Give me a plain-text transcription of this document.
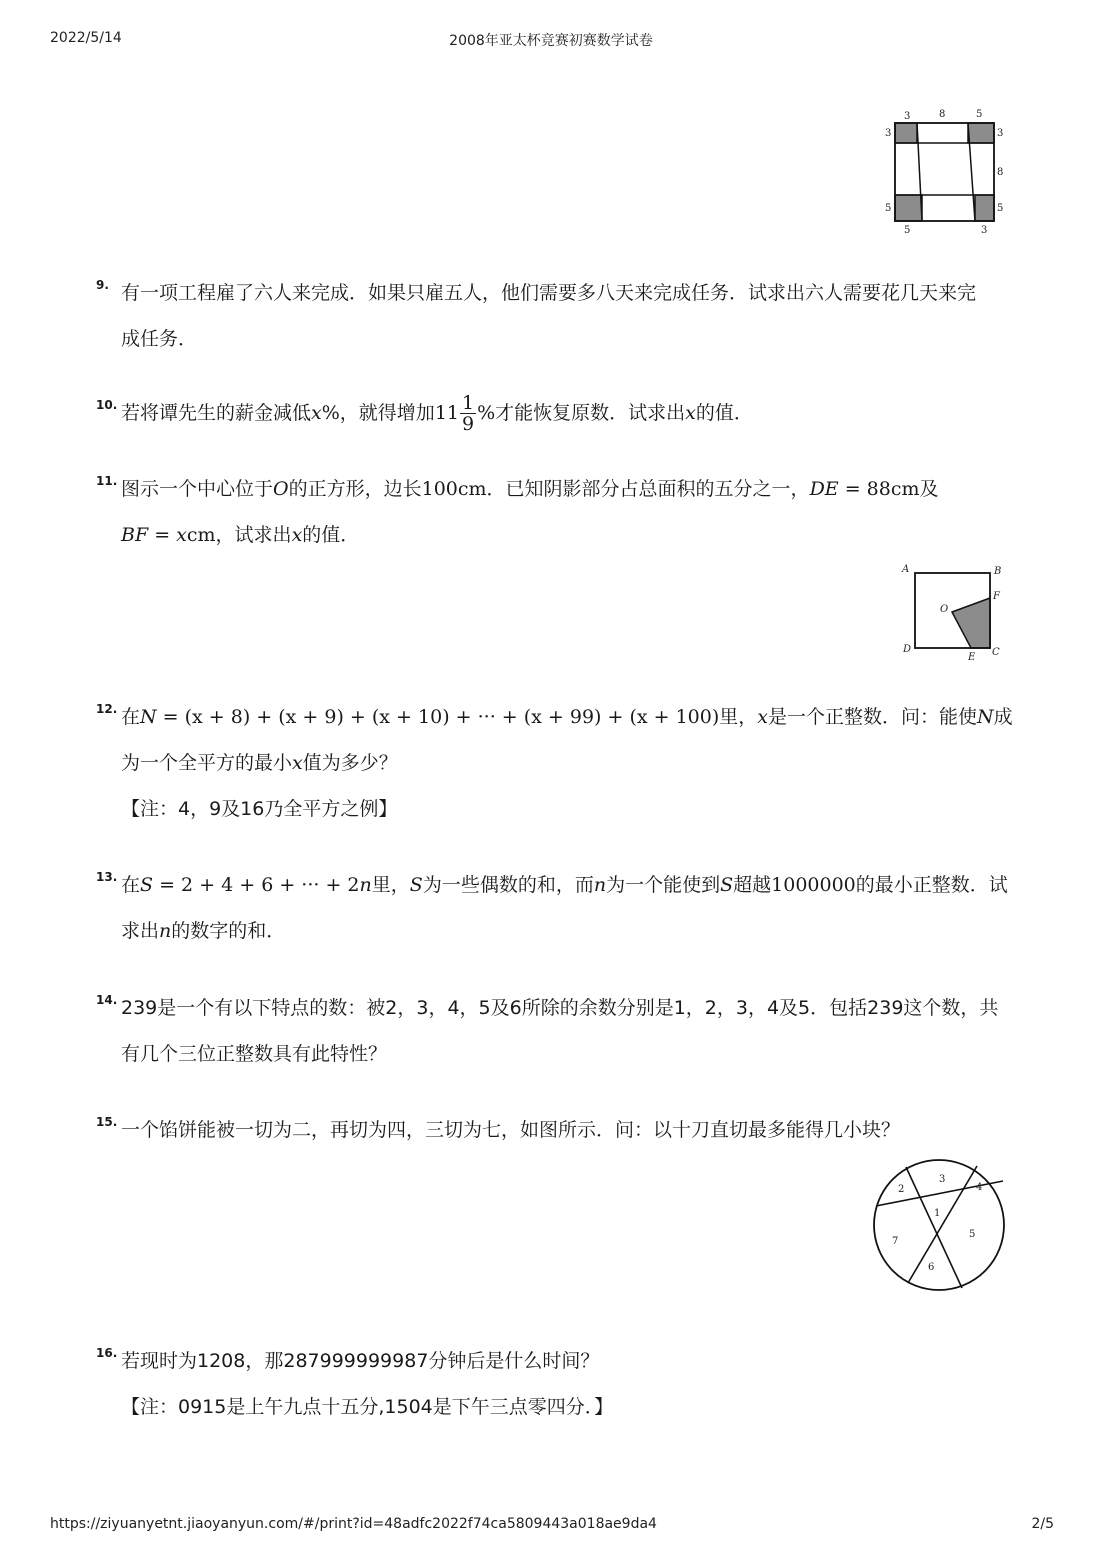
2022/5/14	2008年亚太杯竞赛初赛数学试卷
3	8	5
3	3
8
5	5
5	3
9. 有一项工程雇了六人来完成．如果只雇五人，他们需要多八天来完成任务．试求出六人需要花几天来完
成任务．
10. 若将谭先生的薪金减低x%，就得增加$11 \frac{1}{9}$ %才能恢复原数．试求出x的值．
11. 图示一个中心位于O的正方形，边长100cm．已知阴影部分占总面积的五分之一，DE = 88cm及
BF = xcm，试求出x的值．
A	B
F
O
D
E C
12. 在N = (x + 8) + (x + 9) + (x + 10) + ··· + (x + 99) + (x + 100)里，x是一个正整数．问：能使N成
为一个全平方的最小x值为多少？
【注：4，9及16乃全平方之例】
13. 在S = 2 + 4 + 6 + ··· + 2n里，S为一些偶数的和，而n为一个能使到S超越1000000的最小正整数．试
求出n的数字的和．
14. 239是一个有以下特点的数：被2，3，4，5及6所除的余数分别是1，2，3，4及5．包括239这个数，共
有几个三位正整数具有此特性？
15. 一个馅饼能被一切为二，再切为四，三切为七，如图所示．问：以十刀直切最多能得几小块？
1
2
3
4
5
6
7
16. 若现时为1208，那287999999987分钟后是什么时间？
【注：0915是上午九点十五分,1504是下午三点零四分．】
https://ziyuanyetnt.jiaoyanyun.com/#/print?id=48adfc2022f74ca5809443a018ae9da4	2/5
